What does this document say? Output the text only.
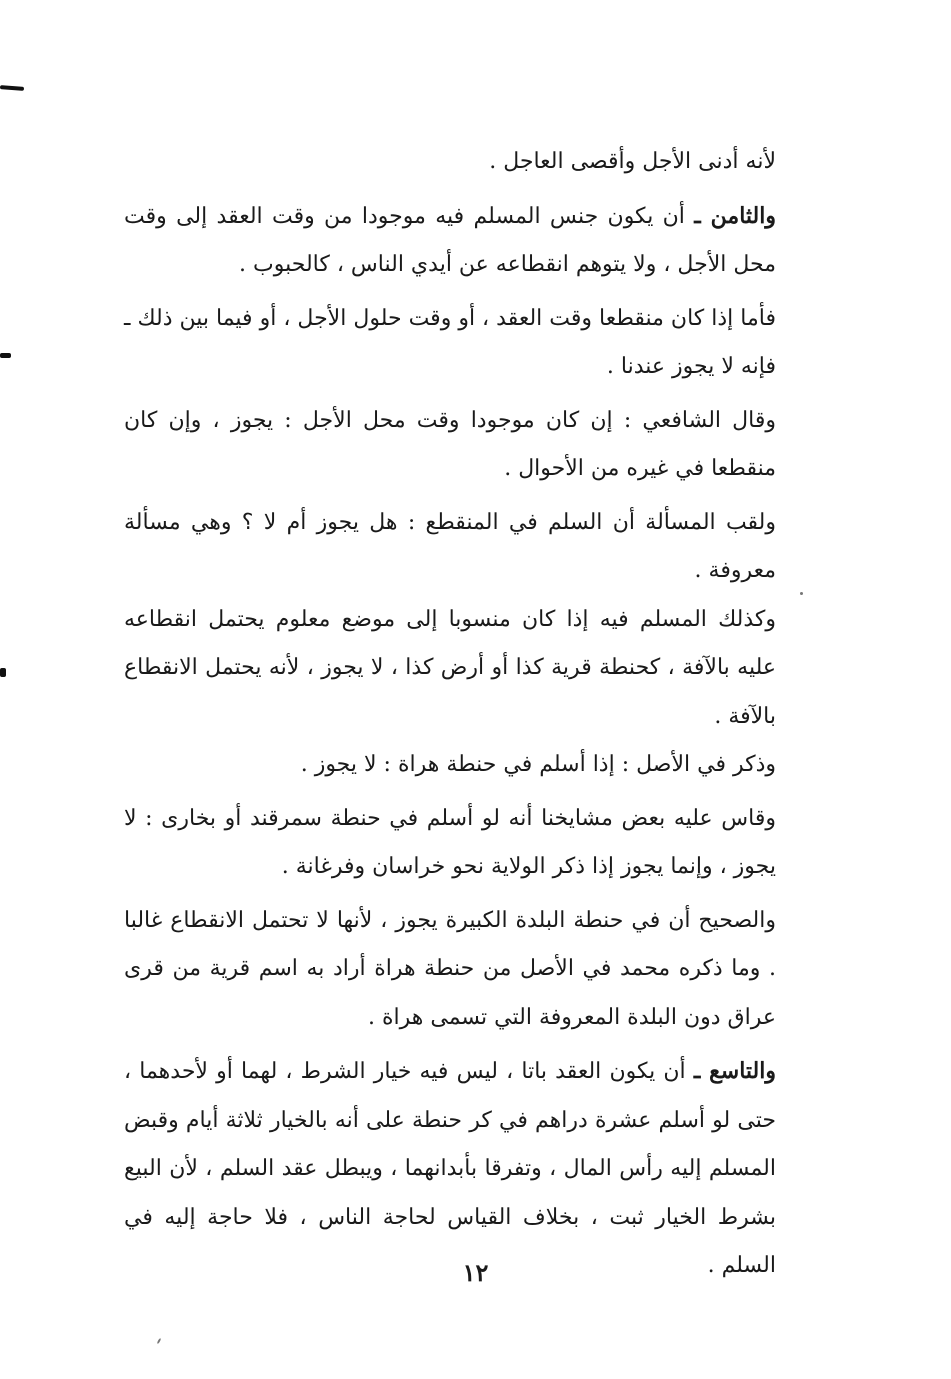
لأنه أدنى الأجل وأقصى العاجل .

والثامن ـ أن يكون جنس المسلم فيه موجودا من وقت العقد إلى وقت محل الأجل ، ولا يتوهم انقطاعه عن أيدي الناس ، كالحبوب .

فأما إذا كان منقطعا وقت العقد ، أو وقت حلول الأجل ، أو فيما بين ذلك ـ فإنه لا يجوز عندنا .

وقال الشافعي : إن كان موجودا وقت محل الأجل : يجوز ، وإن كان منقطعا في غيره من الأحوال .

ولقب المسألة أن السلم في المنقطع : هل يجوز أم لا ؟ وهي مسألة معروفة .

وكذلك المسلم فيه إذا كان منسوبا إلى موضع معلوم يحتمل انقطاعه عليه بالآفة ، كحنطة قرية كذا أو أرض كذا ، لا يجوز ، لأنه يحتمل الانقطاع بالآفة .

وذكر في الأصل : إذا أسلم في حنطة هراة : لا يجوز .

وقاس عليه بعض مشايخنا أنه لو أسلم في حنطة سمرقند أو بخارى : لا يجوز ، وإنما يجوز إذا ذكر الولاية نحو خراسان وفرغانة .

والصحيح أن في حنطة البلدة الكبيرة يجوز ، لأنها لا تحتمل الانقطاع غالبا . وما ذكره محمد في الأصل من حنطة هراة أراد به اسم قرية من قرى عراق دون البلدة المعروفة التي تسمى هراة .

والتاسع ـ أن يكون العقد باتا ، ليس فيه خيار الشرط ، لهما أو لأحدهما ، حتى لو أسلم عشرة دراهم في كر حنطة على أنه بالخيار ثلاثة أيام وقبض المسلم إليه رأس المال ، وتفرقا بأبدانهما ، ويبطل عقد السلم ، لأن البيع بشرط الخيار ثبت ، بخلاف القياس لحاجة الناس ، فلا حاجة إليه في السلم .

١٢
